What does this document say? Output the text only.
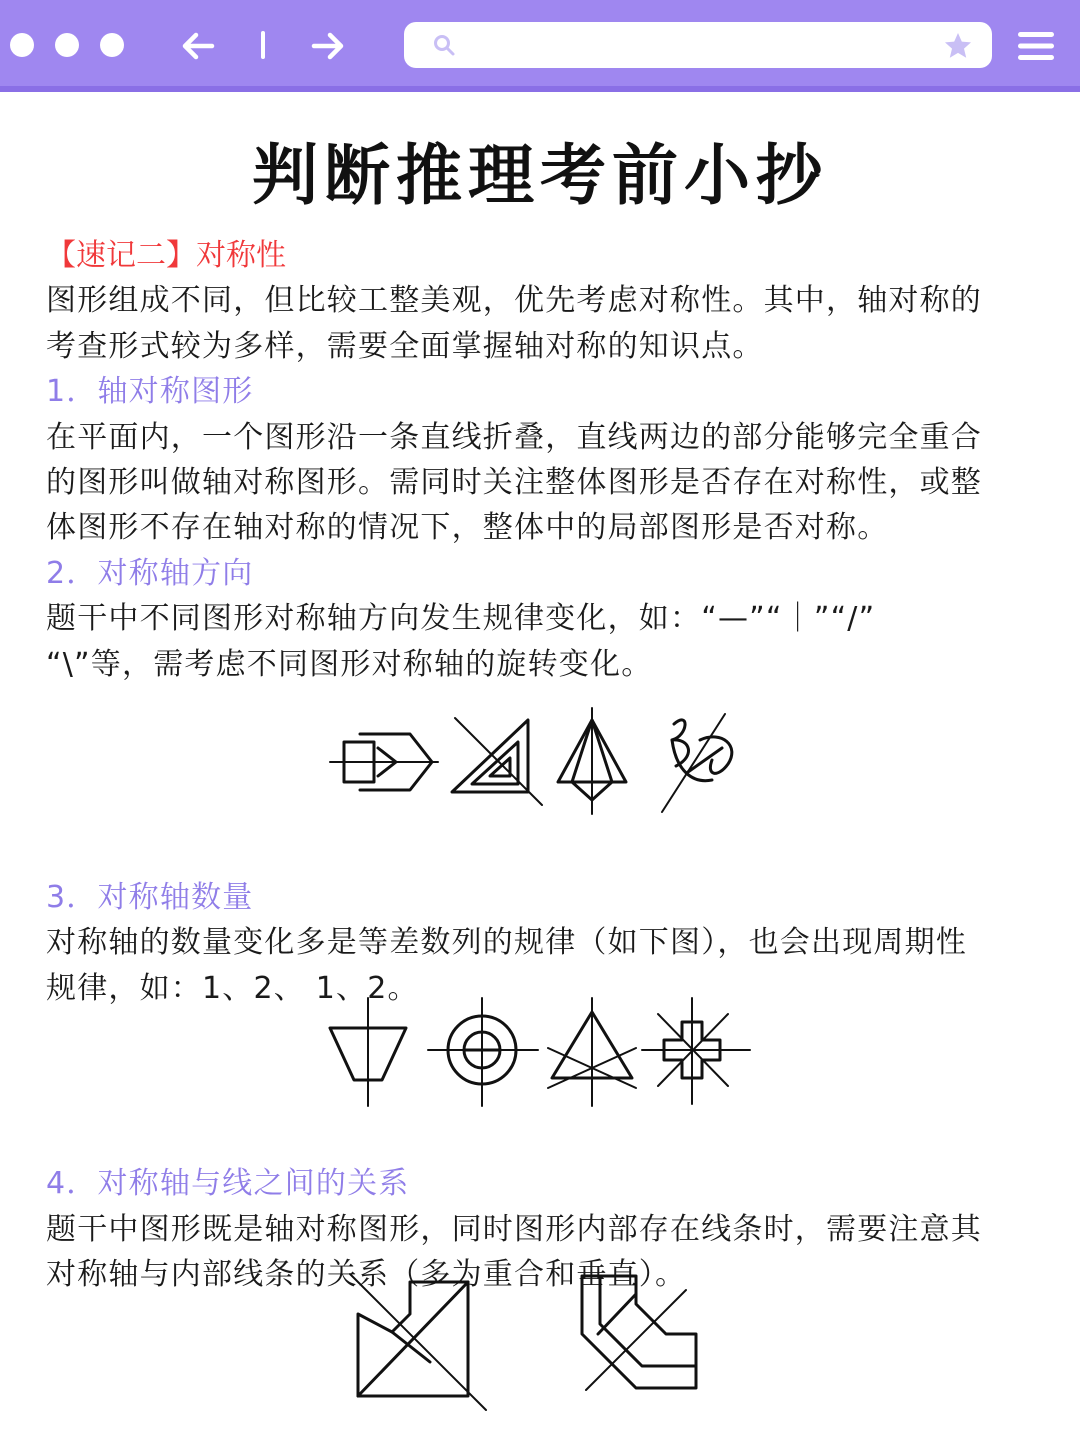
判断推理考前小抄
【速记二】对称性
图形组成不同，但比较工整美观，优先考虑对称性。其中，轴对称的
考查形式较为多样，需要全面掌握轴对称的知识点。
1．轴对称图形
在平面内，一个图形沿一条直线折叠，直线两边的部分能够完全重合
的图形叫做轴对称图形。需同时关注整体图形是否存在对称性，或整
体图形不存在轴对称的情况下，整体中的局部图形是否对称。
2．对称轴方向
题干中不同图形对称轴方向发生规律变化，如：“—”“｜”“/”
“\”等，需考虑不同图形对称轴的旋转变化。
3．对称轴数量
对称轴的数量变化多是等差数列的规律（如下图），也会出现周期性
规律，如：1、2、 1、2。
4．对称轴与线之间的关系
题干中图形既是轴对称图形，同时图形内部存在线条时，需要注意其
对称轴与内部线条的关系（多为重合和垂直）。
